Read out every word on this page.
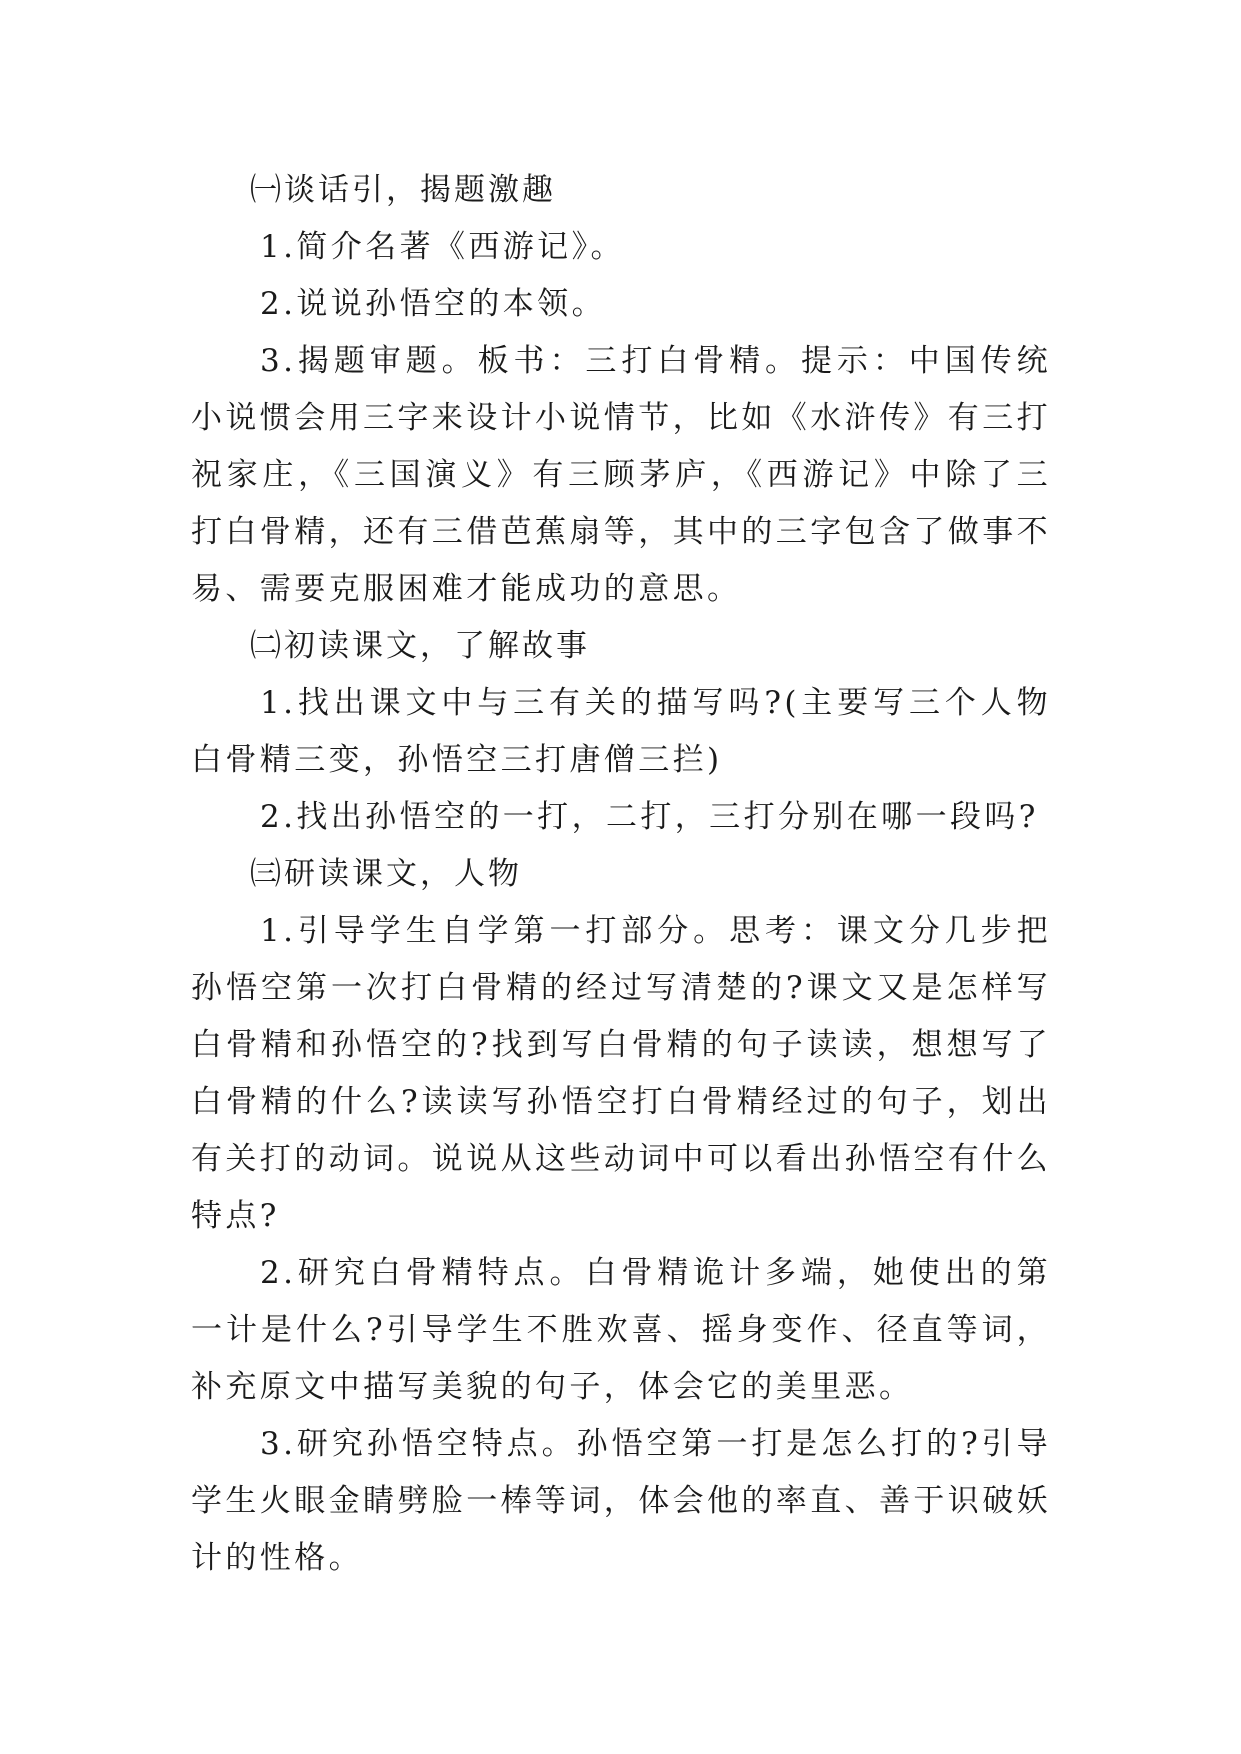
㈠谈话引，揭题激趣

1.简介名著《西游记》。

2.说说孙悟空的本领。

3.揭题审题。板书：三打白骨精。提示：中国传统小说惯会用三字来设计小说情节，比如《水浒传》有三打祝家庄，《三国演义》有三顾茅庐，《西游记》中除了三打白骨精，还有三借芭蕉扇等，其中的三字包含了做事不易、需要克服困难才能成功的意思。

㈡初读课文，了解故事

1.找出课文中与三有关的描写吗?(主要写三个人物白骨精三变，孙悟空三打唐僧三拦)

2.找出孙悟空的一打，二打，三打分别在哪一段吗?

㈢研读课文，人物

1.引导学生自学第一打部分。思考：课文分几步把孙悟空第一次打白骨精的经过写清楚的?课文又是怎样写白骨精和孙悟空的?找到写白骨精的句子读读，想想写了白骨精的什么?读读写孙悟空打白骨精经过的句子，划出有关打的动词。说说从这些动词中可以看出孙悟空有什么特点?

2.研究白骨精特点。白骨精诡计多端，她使出的第一计是什么?引导学生不胜欢喜、摇身变作、径直等词，补充原文中描写美貌的句子，体会它的美里恶。

3.研究孙悟空特点。孙悟空第一打是怎么打的?引导学生火眼金睛劈脸一棒等词，体会他的率直、善于识破妖计的性格。
